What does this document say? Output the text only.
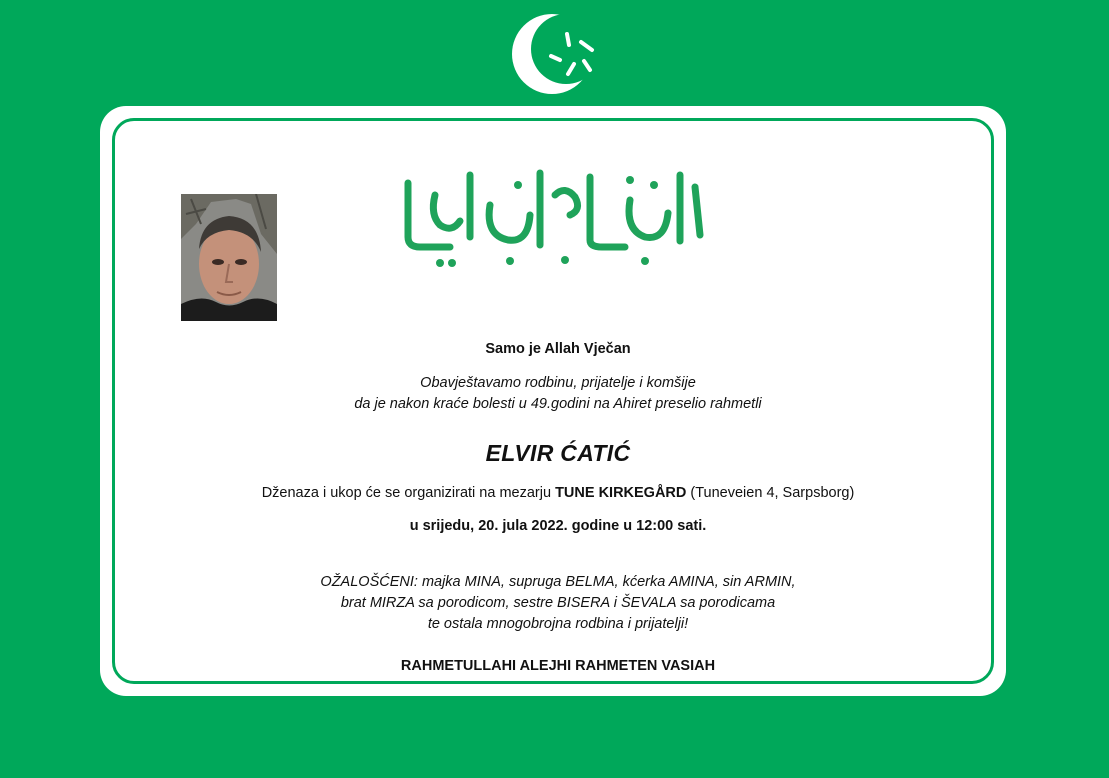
Samo je Allah Vječan
Obavještavamo rodbinu, prijatelje i komšije
da je nakon kraće bolesti u 49.godini na Ahiret preselio rahmetli
ELVIR ĆATIĆ
Dženaza i ukop će se organizirati na mezarju TUNE KIRKEGÅRD (Tuneveien 4, Sarpsborg)
u srijedu, 20. jula 2022. godine u 12:00 sati.
OŽALOŠĆENI: majka MINA, supruga BELMA, kćerka AMINA, sin ARMIN,
brat MIRZA sa porodicom, sestre BISERA i ŠEVALA sa porodicama
te ostala mnogobrojna rodbina i prijatelji!
RAHMETULLAHI ALEJHI RAHMETEN VASIAH
